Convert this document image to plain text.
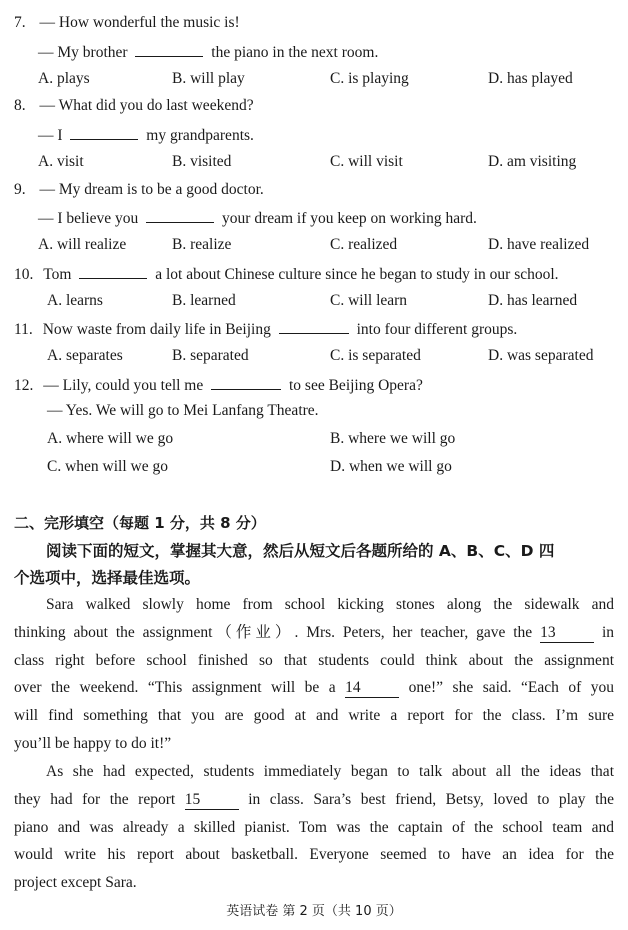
7. — How wonderful the music is!
— My brother	the piano in the next room.
A. plays	B. will play	C. is playing	D. has played
8. — What did you do last weekend?
— I	my grandparents.
A. visit	B. visited	C. will visit	D. am visiting
9. — My dream is to be a good doctor.
— I believe you	your dream if you keep on working hard.
A. will realize	B. realize	C. realized	D. have realized
10. Tom	a lot about Chinese culture since he began to study in our school.
A. learns	B. learned	C. will learn	D. has learned
11. Now waste from daily life in Beijing	into four different groups.
A. separates	B. separated	C. is separated	D. was separated
12. — Lily, could you tell me	to see Beijing Opera?
— Yes. We will go to Mei Lanfang Theatre.
A. where will we go	B. where we will go
C. when will we go	D. when we will go
二、完形填空（每题 1 分，共 8 分）
阅读下面的短文，掌握其大意，然后从短文后各题所给的 A、B、C、D 四
个选项中，选择最佳选项。
Sara walked slowly home from school kicking stones along the sidewalk and
thinking about the assignment（作业）. Mrs. Peters, her teacher, gave the 13	in
class right before school finished so that students could think about the assignment
over the weekend. “This assignment will be a 14	one!” she said. “Each of you
will find something that you are good at and write a report for the class. I’m sure
you’ll be happy to do it!”
As she had expected, students immediately began to talk about all the ideas that
they had for the report 15	in class. Sara’s best friend, Betsy, loved to play the
piano and was already a skilled pianist. Tom was the captain of the school team and
would write his report about basketball. Everyone seemed to have an idea for the
project except Sara.
英语试卷 第 2 页（共 10 页）
